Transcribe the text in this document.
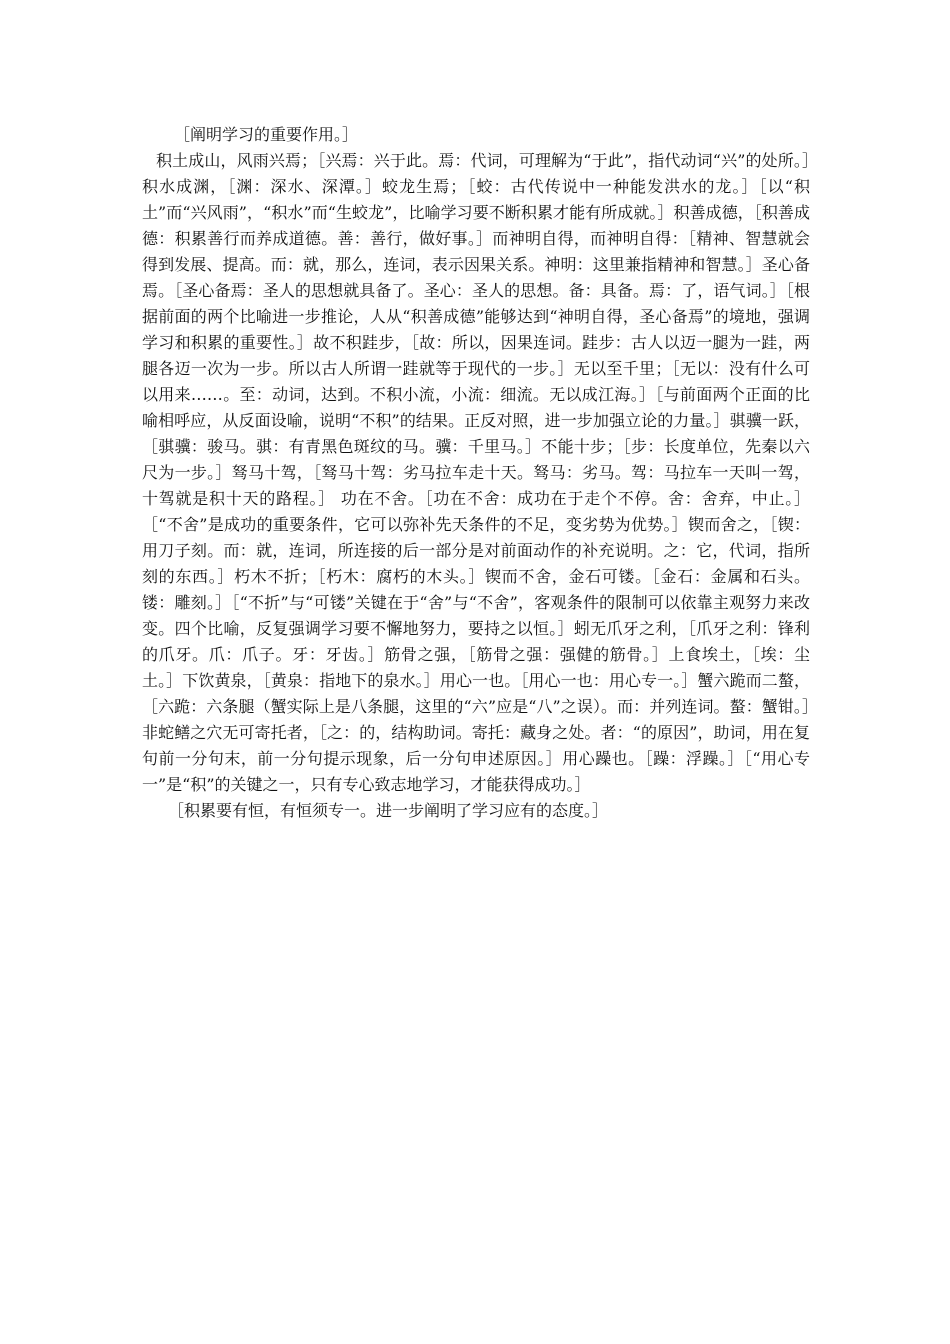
［阐明学习的重要作用。］

积土成山，风雨兴焉；［兴焉：兴于此。焉：代词，可理解为“于此”，指代动词“兴”的处所。］积水成渊，［渊：深水、深潭。］蛟龙生焉；［蛟：古代传说中一种能发洪水的龙。］［以“积土”而“兴风雨”，“积水”而“生蛟龙”，比喻学习要不断积累才能有所成就。］积善成德，［积善成德：积累善行而养成道德。善：善行，做好事。］而神明自得，而神明自得：［精神、智慧就会得到发展、提高。而：就，那么，连词，表示因果关系。神明：这里兼指精神和智慧。］圣心备焉。［圣心备焉：圣人的思想就具备了。圣心：圣人的思想。备：具备。焉：了，语气词。］［根据前面的两个比喻进一步推论，人从“积善成德”能够达到“神明自得，圣心备焉”的境地，强调学习和积累的重要性。］故不积跬步，［故：所以，因果连词。跬步：古人以迈一腿为一跬，两腿各迈一次为一步。所以古人所谓一跬就等于现代的一步。］无以至千里；［无以：没有什么可以用来……。至：动词，达到。不积小流，小流：细流。无以成江海。］［与前面两个正面的比喻相呼应，从反面设喻，说明“不积”的结果。正反对照，进一步加强立论的力量。］骐骥一跃，［骐骥：骏马。骐：有青黑色斑纹的马。骥：千里马。］不能十步；［步：长度单位，先秦以六尺为一步。］驽马十驾，［驽马十驾：劣马拉车走十天。驽马：劣马。驾：马拉车一天叫一驾，十驾就是积十天的路程。］ 功在不舍。［功在不舍：成功在于走个不停。舍：舍弃，中止。］［“不舍”是成功的重要条件，它可以弥补先天条件的不足，变劣势为优势。］锲而舍之，［锲：用刀子刻。而：就，连词，所连接的后一部分是对前面动作的补充说明。之：它，代词，指所刻的东西。］朽木不折；［朽木：腐朽的木头。］锲而不舍，金石可镂。［金石：金属和石头。镂：雕刻。］［“不折”与“可镂”关键在于“舍”与“不舍”，客观条件的限制可以依靠主观努力来改变。四个比喻，反复强调学习要不懈地努力，要持之以恒。］蚓无爪牙之利，［爪牙之利：锋利的爪牙。爪：爪子。牙：牙齿。］筋骨之强，［筋骨之强：强健的筋骨。］上食埃土，［埃：尘土。］下饮黄泉，［黄泉：指地下的泉水。］用心一也。［用心一也：用心专一。］蟹六跪而二螯，［六跪：六条腿（蟹实际上是八条腿，这里的“六”应是“八”之误）。而：并列连词。螯：蟹钳。］非蛇鳝之穴无可寄托者，［之：的，结构助词。寄托：藏身之处。者：“的原因”，助词，用在复句前一分句末，前一分句提示现象，后一分句申述原因。］用心躁也。［躁：浮躁。］［“用心专一”是“积”的关键之一，只有专心致志地学习，才能获得成功。］

［积累要有恒，有恒须专一。进一步阐明了学习应有的态度。］
